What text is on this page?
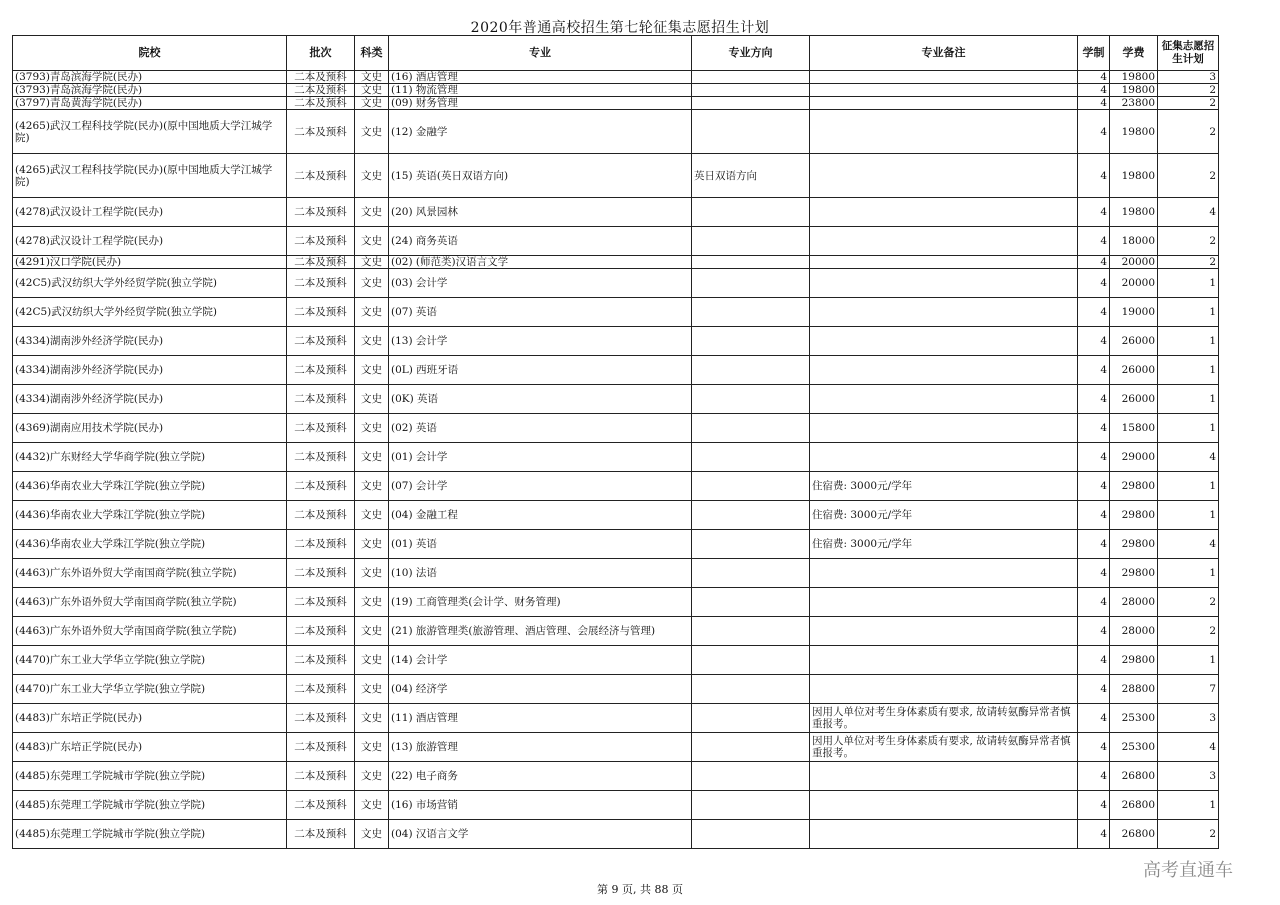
2020年普通高校招生第七轮征集志愿招生计划
院校	批次	科类	专业	专业方向	专业备注	学制	学费	征集志愿招生计划
(3793)青岛滨海学院(民办)	二本及预科	文史	(16) 酒店管理			4	19800	3
(3793)青岛滨海学院(民办)	二本及预科	文史	(11) 物流管理			4	19800	2
(3797)青岛黄海学院(民办)	二本及预科	文史	(09) 财务管理			4	23800	2
(4265)武汉工程科技学院(民办)(原中国地质大学江城学院)	二本及预科	文史	(12) 金融学			4	19800	2
(4265)武汉工程科技学院(民办)(原中国地质大学江城学院)	二本及预科	文史	(15) 英语(英日双语方向)	英日双语方向		4	19800	2
(4278)武汉设计工程学院(民办)	二本及预科	文史	(20) 风景园林			4	19800	4
(4278)武汉设计工程学院(民办)	二本及预科	文史	(24) 商务英语			4	18000	2
(4291)汉口学院(民办)	二本及预科	文史	(02) (师范类)汉语言文学			4	20000	2
(42C5)武汉纺织大学外经贸学院(独立学院)	二本及预科	文史	(03) 会计学			4	20000	1
(42C5)武汉纺织大学外经贸学院(独立学院)	二本及预科	文史	(07) 英语			4	19000	1
(4334)湖南涉外经济学院(民办)	二本及预科	文史	(13) 会计学			4	26000	1
(4334)湖南涉外经济学院(民办)	二本及预科	文史	(0L) 西班牙语			4	26000	1
(4334)湖南涉外经济学院(民办)	二本及预科	文史	(0K) 英语			4	26000	1
(4369)湖南应用技术学院(民办)	二本及预科	文史	(02) 英语			4	15800	1
(4432)广东财经大学华商学院(独立学院)	二本及预科	文史	(01) 会计学			4	29000	4
(4436)华南农业大学珠江学院(独立学院)	二本及预科	文史	(07) 会计学		住宿费: 3000元/学年	4	29800	1
(4436)华南农业大学珠江学院(独立学院)	二本及预科	文史	(04) 金融工程		住宿费: 3000元/学年	4	29800	1
(4436)华南农业大学珠江学院(独立学院)	二本及预科	文史	(01) 英语		住宿费: 3000元/学年	4	29800	4
(4463)广东外语外贸大学南国商学院(独立学院)	二本及预科	文史	(10) 法语			4	29800	1
(4463)广东外语外贸大学南国商学院(独立学院)	二本及预科	文史	(19) 工商管理类(会计学、财务管理)			4	28000	2
(4463)广东外语外贸大学南国商学院(独立学院)	二本及预科	文史	(21) 旅游管理类(旅游管理、酒店管理、会展经济与管理)			4	28000	2
(4470)广东工业大学华立学院(独立学院)	二本及预科	文史	(14) 会计学			4	29800	1
(4470)广东工业大学华立学院(独立学院)	二本及预科	文史	(04) 经济学			4	28800	7
(4483)广东培正学院(民办)	二本及预科	文史	(11) 酒店管理		因用人单位对考生身体素质有要求, 故请转氨酶异常者慎重报考。	4	25300	3
(4483)广东培正学院(民办)	二本及预科	文史	(13) 旅游管理		因用人单位对考生身体素质有要求, 故请转氨酶异常者慎重报考。	4	25300	4
(4485)东莞理工学院城市学院(独立学院)	二本及预科	文史	(22) 电子商务			4	26800	3
(4485)东莞理工学院城市学院(独立学院)	二本及预科	文史	(16) 市场营销			4	26800	1
(4485)东莞理工学院城市学院(独立学院)	二本及预科	文史	(04) 汉语言文学			4	26800	2
第 9 页, 共 88 页
高考直通车
